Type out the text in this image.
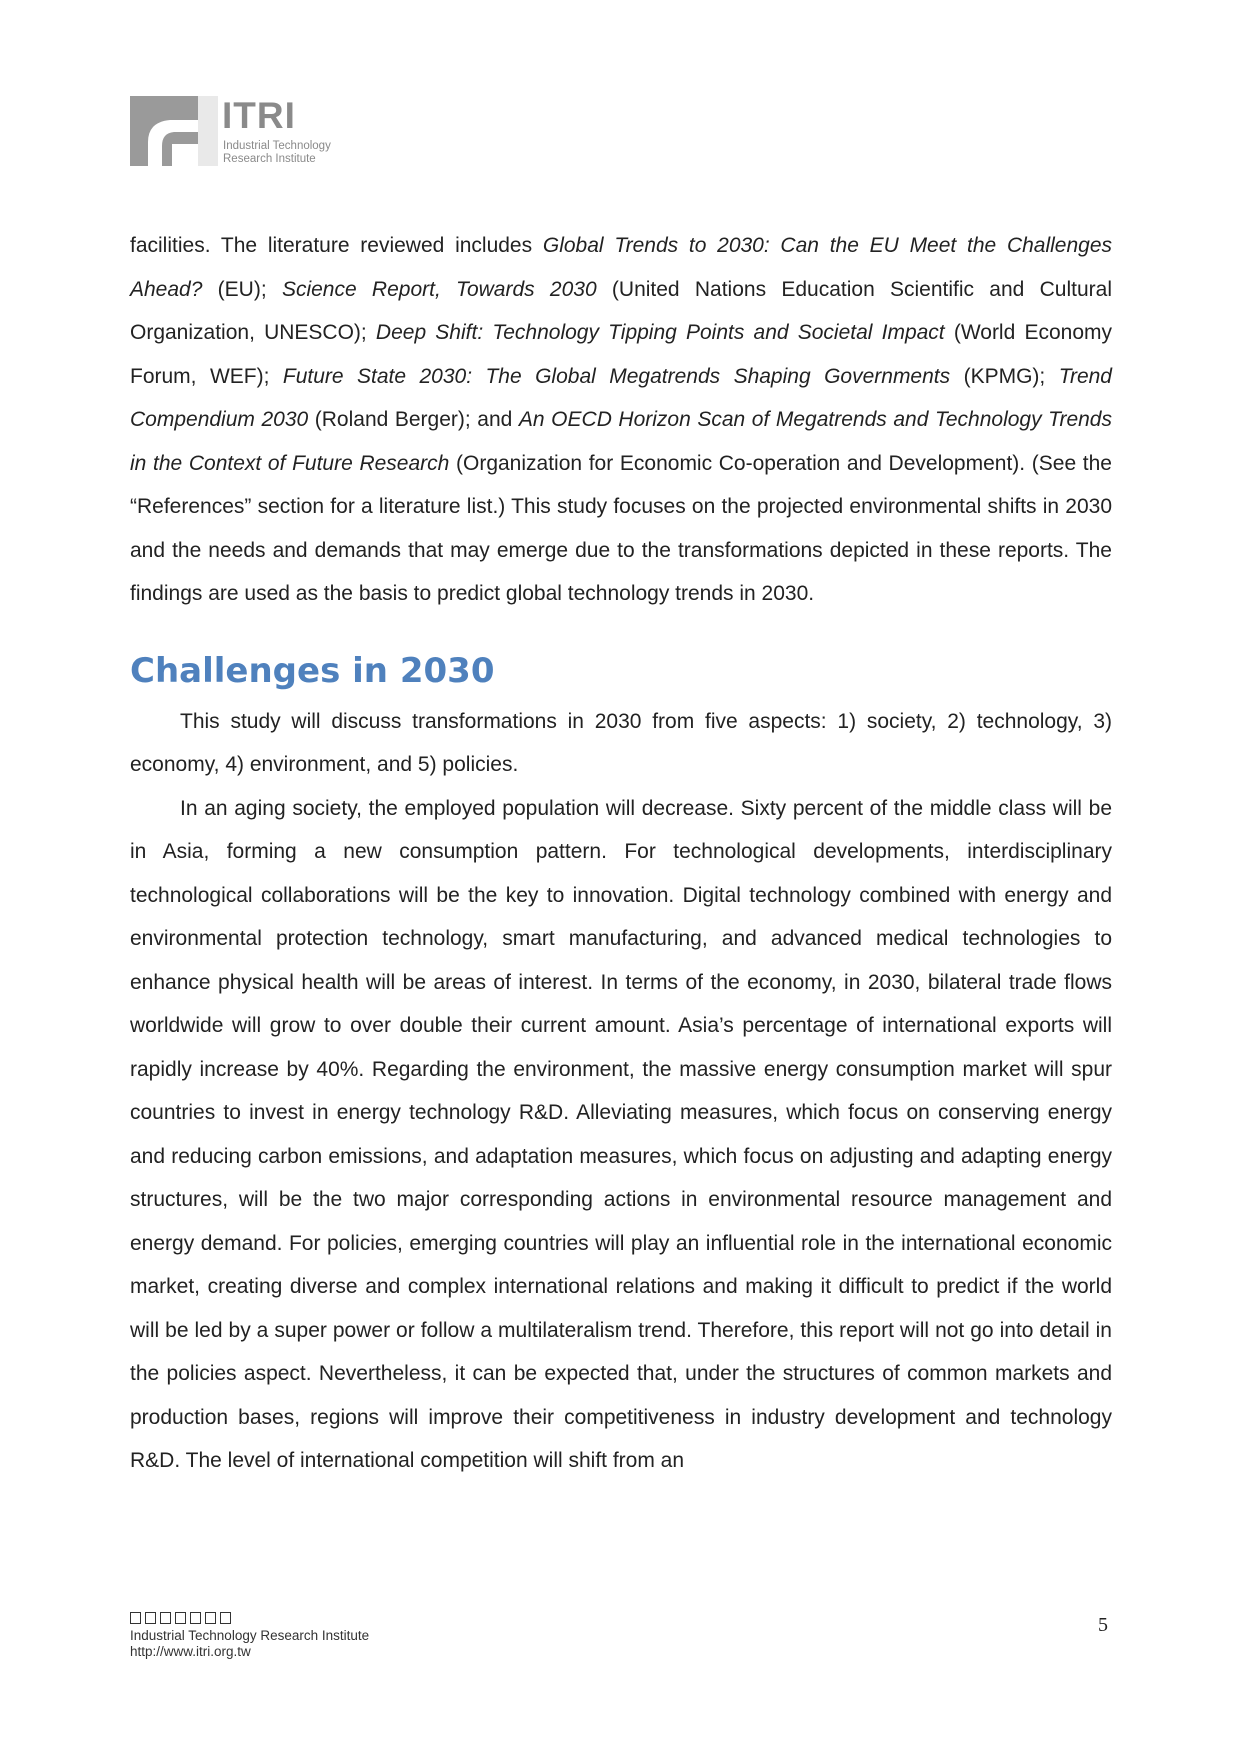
ITRI
Industrial Technology
Research Institute

facilities. The literature reviewed includes Global Trends to 2030: Can the EU Meet the Challenges Ahead? (EU); Science Report, Towards 2030 (United Nations Education Scientific and Cultural Organization, UNESCO); Deep Shift: Technology Tipping Points and Societal Impact (World Economy Forum, WEF); Future State 2030: The Global Megatrends Shaping Governments (KPMG); Trend Compendium 2030 (Roland Berger); and An OECD Horizon Scan of Megatrends and Technology Trends in the Context of Future Research (Organization for Economic Co-operation and Development). (See the “References” section for a literature list.) This study focuses on the projected environmental shifts in 2030 and the needs and demands that may emerge due to the transformations depicted in these reports. The findings are used as the basis to predict global technology trends in 2030.

Challenges in 2030

This study will discuss transformations in 2030 from five aspects: 1) society, 2) technology, 3) economy, 4) environment, and 5) policies.

In an aging society, the employed population will decrease. Sixty percent of the middle class will be in Asia, forming a new consumption pattern. For technological developments, interdisciplinary technological collaborations will be the key to innovation. Digital technology combined with energy and environmental protection technology, smart manufacturing, and advanced medical technologies to enhance physical health will be areas of interest. In terms of the economy, in 2030, bilateral trade flows worldwide will grow to over double their current amount. Asia’s percentage of international exports will rapidly increase by 40%. Regarding the environment, the massive energy consumption market will spur countries to invest in energy technology R&D. Alleviating measures, which focus on conserving energy and reducing carbon emissions, and adaptation measures, which focus on adjusting and adapting energy structures, will be the two major corresponding actions in environmental resource management and energy demand. For policies, emerging countries will play an influential role in the international economic market, creating diverse and complex international relations and making it difficult to predict if the world will be led by a super power or follow a multilateralism trend. Therefore, this report will not go into detail in the policies aspect. Nevertheless, it can be expected that, under the structures of common markets and production bases, regions will improve their competitiveness in industry development and technology R&D. The level of international competition will shift from an

Industrial Technology Research Institute
http://www.itri.org.tw
5
